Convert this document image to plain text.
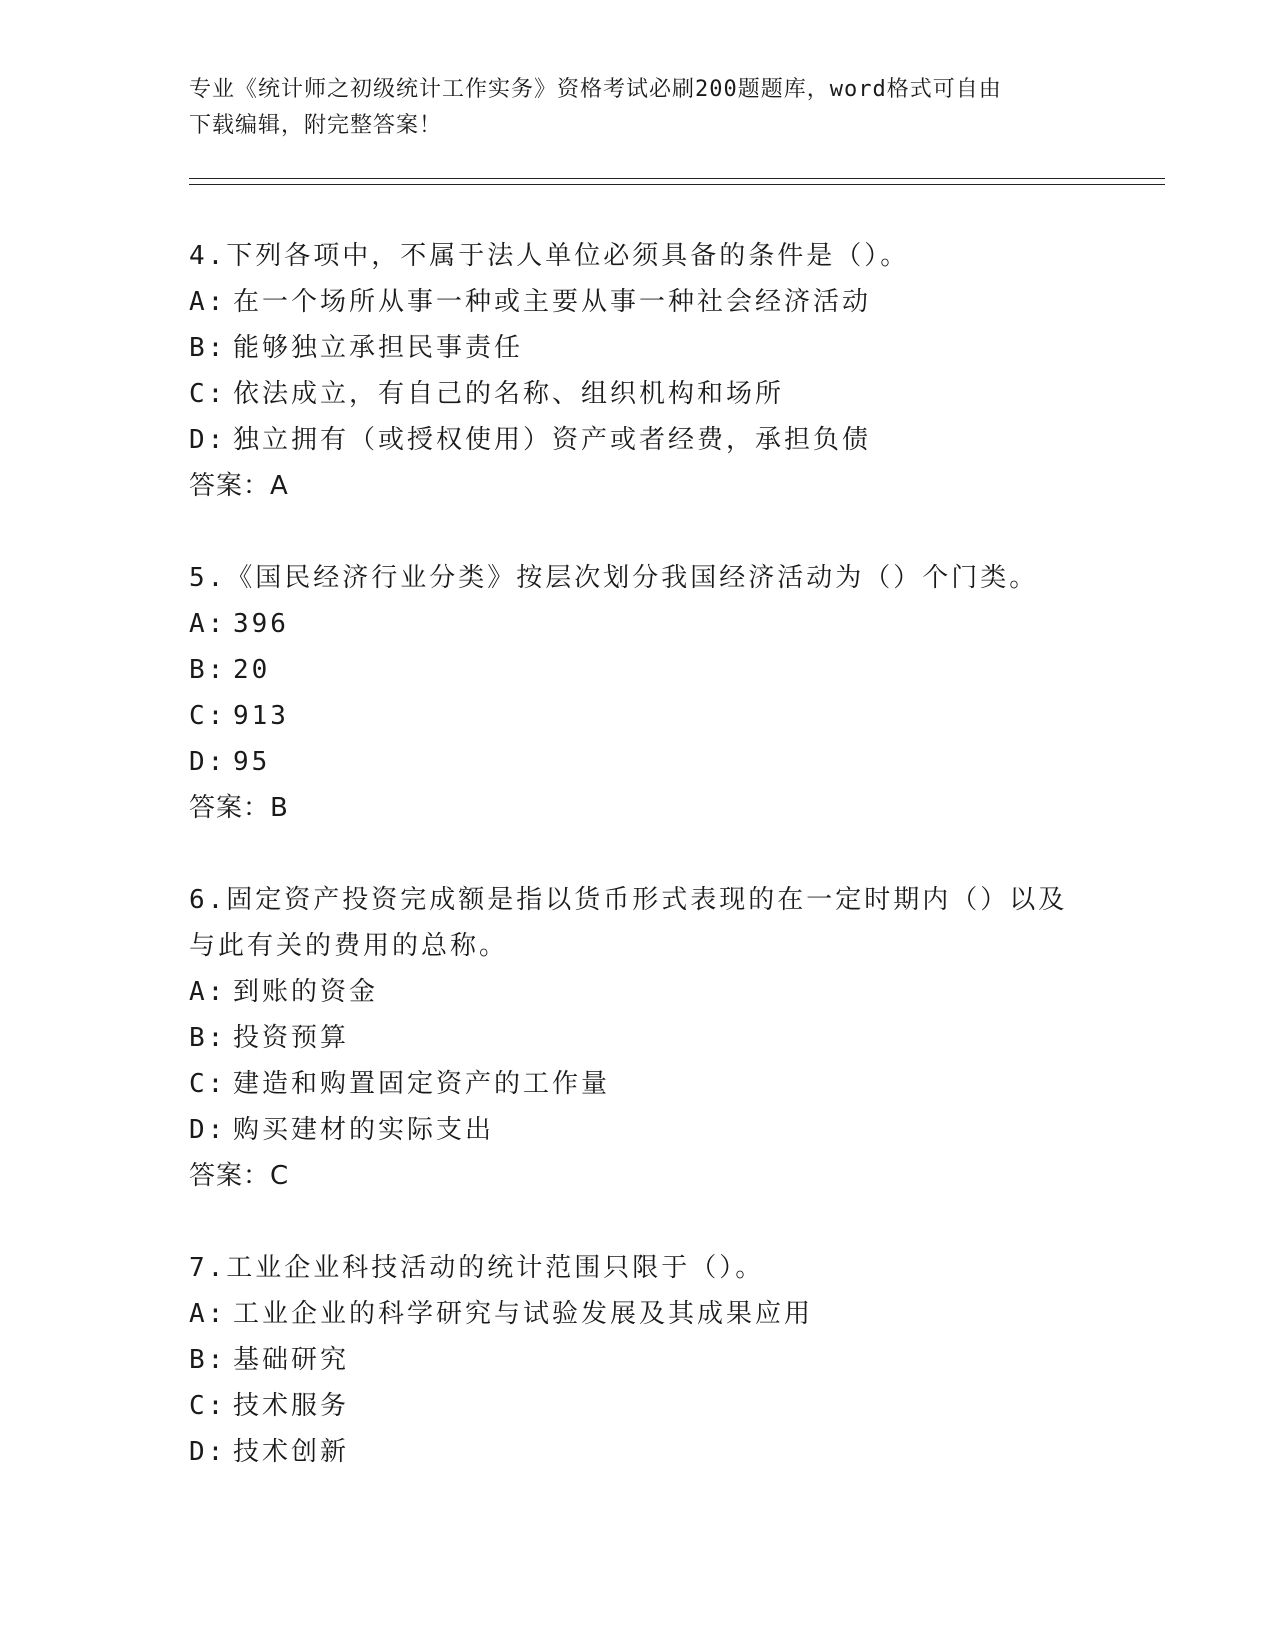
专业《统计师之初级统计工作实务》资格考试必刷200题题库，word格式可自由
下载编辑，附完整答案！
4.下列各项中，不属于法人单位必须具备的条件是（）。
A: 在一个场所从事一种或主要从事一种社会经济活动
B: 能够独立承担民事责任
C: 依法成立，有自己的名称、组织机构和场所
D: 独立拥有（或授权使用）资产或者经费，承担负债
答案：A
5.《国民经济行业分类》按层次划分我国经济活动为（）个门类。
A: 396
B: 20
C: 913
D: 95
答案：B
6.固定资产投资完成额是指以货币形式表现的在一定时期内（）以及与此有关的费用的总称。
A: 到账的资金
B: 投资预算
C: 建造和购置固定资产的工作量
D: 购买建材的实际支出
答案：C
7.工业企业科技活动的统计范围只限于（）。
A: 工业企业的科学研究与试验发展及其成果应用
B: 基础研究
C: 技术服务
D: 技术创新
